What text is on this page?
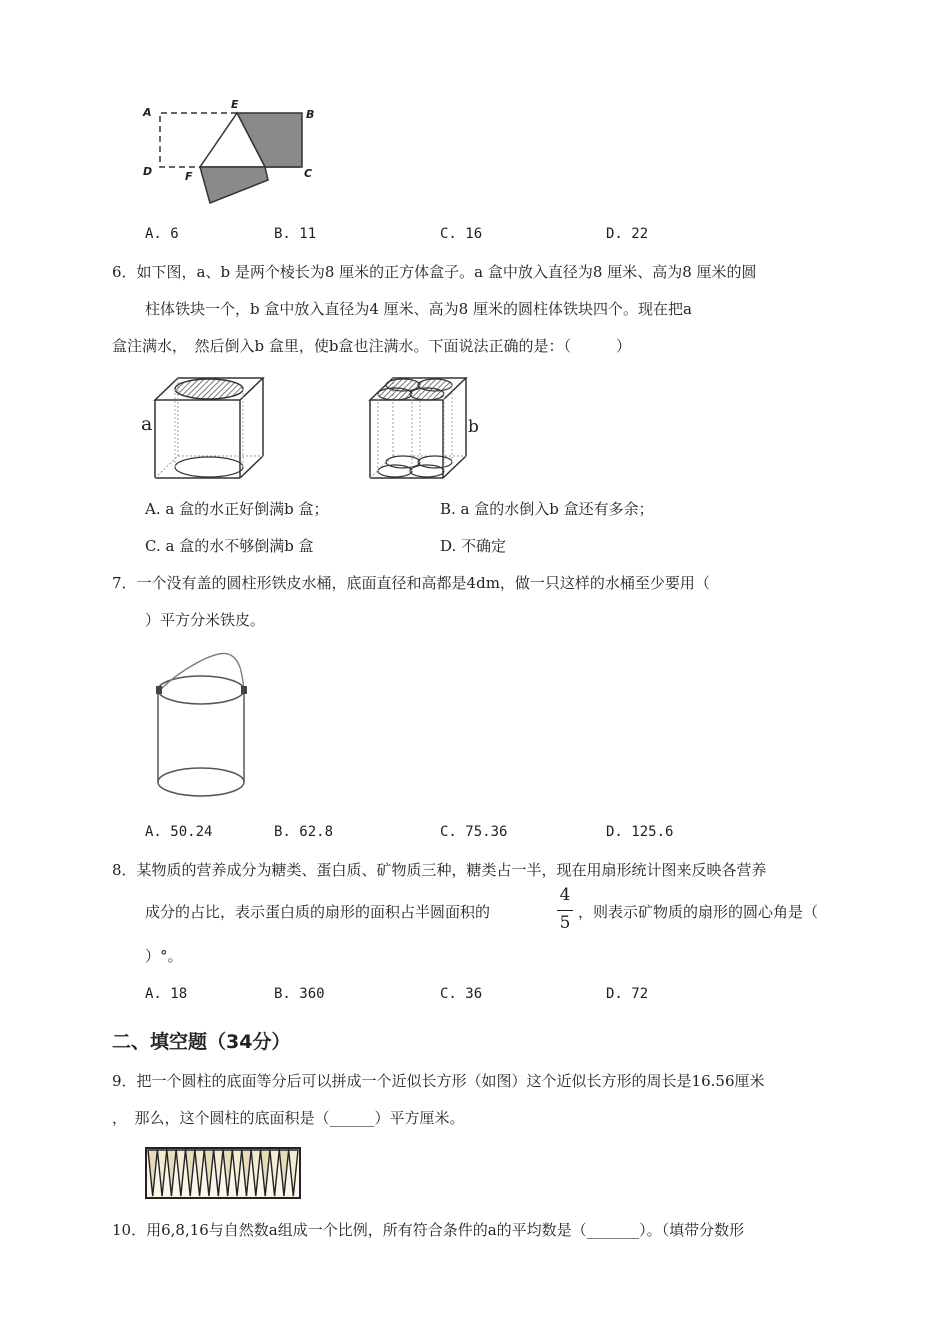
A
E
B
D	F	C
A. 6	B. 11	C. 16	D. 22
6．如下图，a、b 是两个棱长为8 厘米的正方体盒子。a 盒中放入直径为8 厘米、高为8 厘米的圆
柱体铁块一个，b 盒中放入直径为4 厘米、高为8 厘米的圆柱体铁块四个。现在把a
盒注满水，　然后倒入b 盒里，使b盒也注满水。下面说法正确的是：（　　　）
a	b
A. a 盒的水正好倒满b 盒；	B. a 盒的水倒入b 盒还有多余；
C. a 盒的水不够倒满b 盒	D. 不确定
7．一个没有盖的圆柱形铁皮水桶，底面直径和高都是4dm，做一只这样的水桶至少要用（
）平方分米铁皮。
A. 50.24	B. 62.8	C. 75.36	D. 125.6
8．某物质的营养成分为糖类、蛋白质、矿物质三种，糖类占一半，现在用扇形统计图来反映各营养
成分的占比，表示蛋白质的扇形的面积占半圆面积的
4
5
，则表示矿物质的扇形的圆心角是（
）°。
A. 18	B. 360	C. 36	D. 72
二、填空题（34分）
9．把一个圆柱的底面等分后可以拼成一个近似长方形（如图）这个近似长方形的周长是16.56厘米
，　那么，这个圆柱的底面积是（______）平方厘米。
10．用6,8,16与自然数a组成一个比例，所有符合条件的a的平均数是（_______）。（填带分数形
